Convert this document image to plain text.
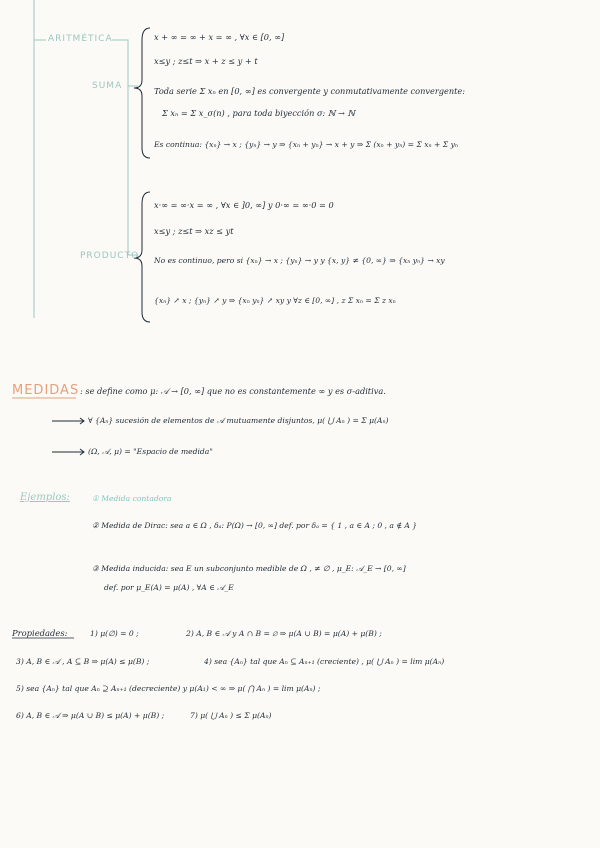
ARITMÉTICA
SUMA
x + ∞ = ∞ + x = ∞ , ∀x ∈ [0, ∞]
x≤y ; z≤t ⇒ x + z ≤ y + t
Toda serie Σ xₙ en [0, ∞] es convergente y conmutativamente convergente:
Σ xₙ = Σ x_σ(n) , para toda biyección σ: ℕ → ℕ
Es continua: {xₙ} → x ; {yₙ} → y ⇒ {xₙ + yₙ} → x + y ⇒ Σ (xₙ + yₙ) = Σ xₙ + Σ yₙ
PRODUCTO
x·∞ = ∞·x = ∞ , ∀x ∈ ]0, ∞] y 0·∞ = ∞·0 = 0
x≤y ; z≤t ⇒ xz ≤ yt
No es continuo, pero si {xₙ} → x ; {yₙ} → y y {x, y} ≠ {0, ∞} ⇒ {xₙ yₙ} → xy
{xₙ} ↗ x ; {yₙ} ↗ y ⇒ {xₙ yₙ} ↗ xy y ∀z ∈ [0, ∞] , z Σ xₙ = Σ z xₙ
MEDIDAS : se define como μ: 𝒜 → [0, ∞] que no es constantemente ∞ y es σ-aditiva.
∀ {Aₙ} sucesión de elementos de 𝒜 mutuamente disjuntos, μ( ⋃ Aₙ ) = Σ μ(Aₙ)
(Ω, 𝒜, μ) = "Espacio de medida"
Ejemplos:	① Medida contadora
② Medida de Dirac: sea a ∈ Ω , δₐ: P(Ω) → [0, ∞] def. por δₐ = { 1 , a ∈ A ; 0 , a ∉ A }
③ Medida inducida: sea E un subconjunto medible de Ω , ≠ ∅ , μ_E: 𝒜_E → [0, ∞]
def. por μ_E(A) = μ(A) , ∀A ∈ 𝒜_E
Propiedades:	1) μ(∅) = 0 ;	2) A, B ∈ 𝒜 y A ∩ B = ∅ ⇒ μ(A ∪ B) = μ(A) + μ(B) ;
3) A, B ∈ 𝒜 , A ⊆ B ⇒ μ(A) ≤ μ(B) ;	4) sea {Aₙ} tal que Aₙ ⊆ Aₙ₊₁ (creciente) , μ( ⋃ Aₙ ) = lim μ(Aₙ)
5) sea {Aₙ} tal que Aₙ ⊇ Aₙ₊₁ (decreciente) y μ(A₁) < ∞ ⇒ μ( ⋂ Aₙ ) = lim μ(Aₙ) ;
6) A, B ∈ 𝒜 ⇒ μ(A ∪ B) ≤ μ(A) + μ(B) ;	7) μ( ⋃ Aₙ ) ≤ Σ μ(Aₙ)
